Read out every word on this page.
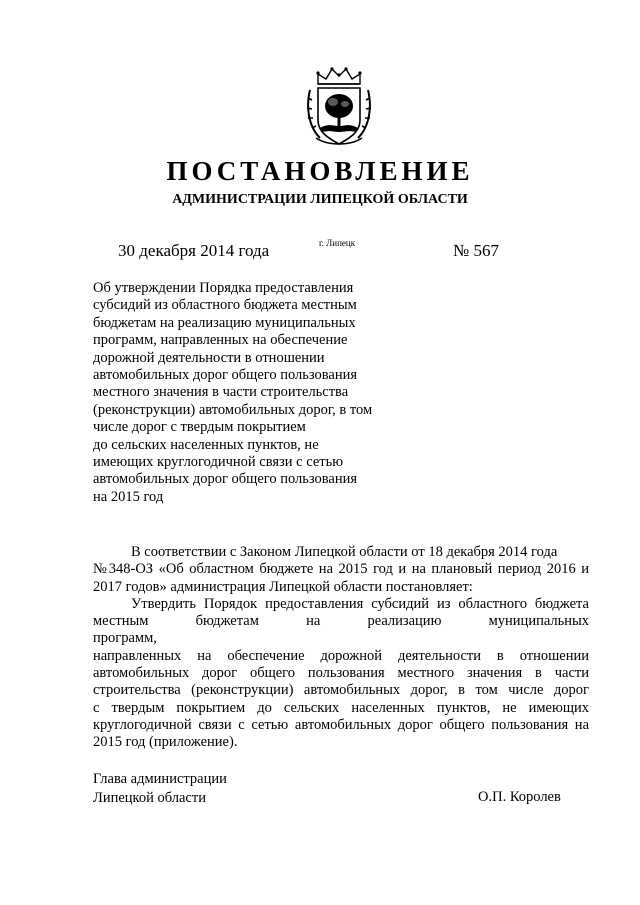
ПОСТАНОВЛЕНИЕ
АДМИНИСТРАЦИИ ЛИПЕЦКОЙ ОБЛАСТИ
30 декабря 2014 года	г. Липецк	№ 567
Об утверждении Порядка предоставления
субсидий из областного бюджета местным
бюджетам на реализацию муниципальных
программ, направленных на обеспечение
дорожной деятельности в отношении
автомобильных дорог общего пользования
местного значения в части строительства
(реконструкции) автомобильных дорог, в том
числе дорог с твердым покрытием
до сельских населенных пунктов, не
имеющих круглогодичной связи с сетью
автомобильных дорог общего пользования
на 2015 год
В соответствии с Законом Липецкой области от 18 декабря 2014 года
№348-ОЗ «Об областном бюджете на 2015 год и на плановый период 2016 и
2017 годов» администрация Липецкой области постановляет:
Утвердить Порядок предоставления субсидий из областного бюджета
местным бюджетам на реализацию муниципальных программ,
направленных на обеспечение дорожной деятельности в отношении
автомобильных дорог общего пользования местного значения в части
строительства (реконструкции) автомобильных дорог, в том числе дорог
с твердым покрытием до сельских населенных пунктов, не имеющих
круглогодичной связи с сетью автомобильных дорог общего пользования на
2015 год (приложение).
Глава администрации
Липецкой области	О.П. Королев
